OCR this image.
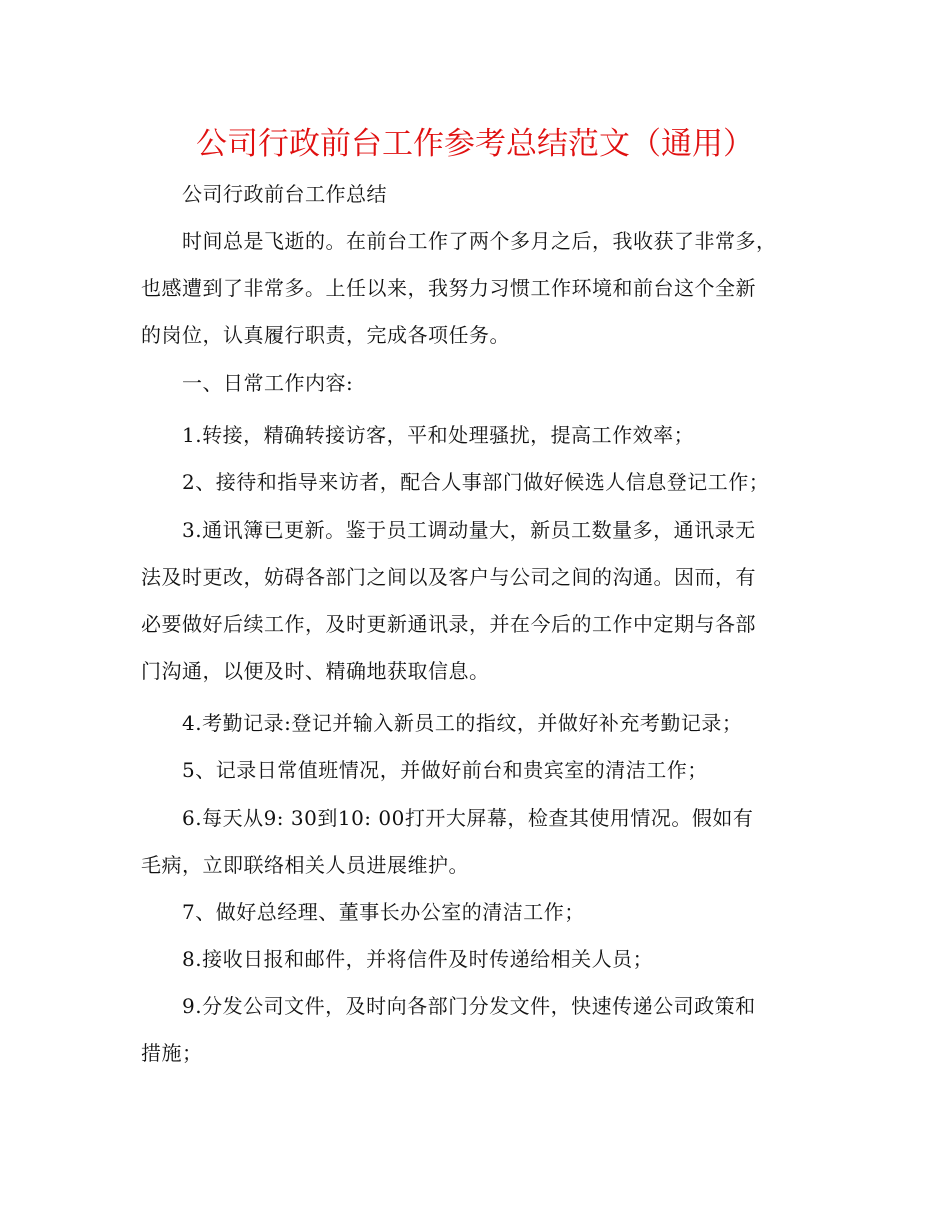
公司行政前台工作参考总结范文（通用）
公司行政前台工作总结
时间总是飞逝的。在前台工作了两个多月之后，我收获了非常多，
也感遭到了非常多。上任以来，我努力习惯工作环境和前台这个全新
的岗位，认真履行职责，完成各项任务。
一、日常工作内容:
1.转接，精确转接访客，平和处理骚扰，提高工作效率；
2、接待和指导来访者，配合人事部门做好候选人信息登记工作；
3.通讯簿已更新。鉴于员工调动量大，新员工数量多，通讯录无
法及时更改，妨碍各部门之间以及客户与公司之间的沟通。因而，有
必要做好后续工作，及时更新通讯录，并在今后的工作中定期与各部
门沟通，以便及时、精确地获取信息。
4.考勤记录:登记并输入新员工的指纹，并做好补充考勤记录；
5、记录日常值班情况，并做好前台和贵宾室的清洁工作；
6.每天从9: 30到10: 00打开大屏幕，检查其使用情况。假如有
毛病，立即联络相关人员进展维护。
7、做好总经理、董事长办公室的清洁工作；
8.接收日报和邮件，并将信件及时传递给相关人员；
9.分发公司文件，及时向各部门分发文件，快速传递公司政策和
措施；
